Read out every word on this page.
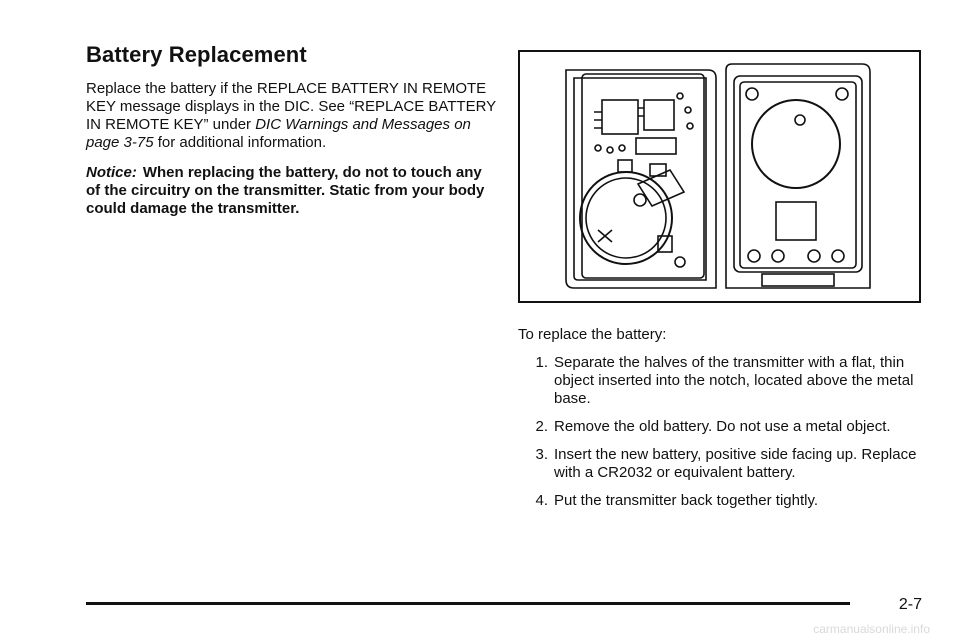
Battery Replacement

Replace the battery if the REPLACE BATTERY IN REMOTE KEY message displays in the DIC. See “REPLACE BATTERY IN REMOTE KEY” under DIC Warnings and Messages on page 3-75 for additional information.

Notice: When replacing the battery, do not to touch any of the circuitry on the transmitter. Static from your body could damage the transmitter.

To replace the battery:

1. Separate the halves of the transmitter with a flat, thin object inserted into the notch, located above the metal base.
2. Remove the old battery. Do not use a metal object.
3. Insert the new battery, positive side facing up. Replace with a CR2032 or equivalent battery.
4. Put the transmitter back together tightly.
2-7
carmanualsonline.info
